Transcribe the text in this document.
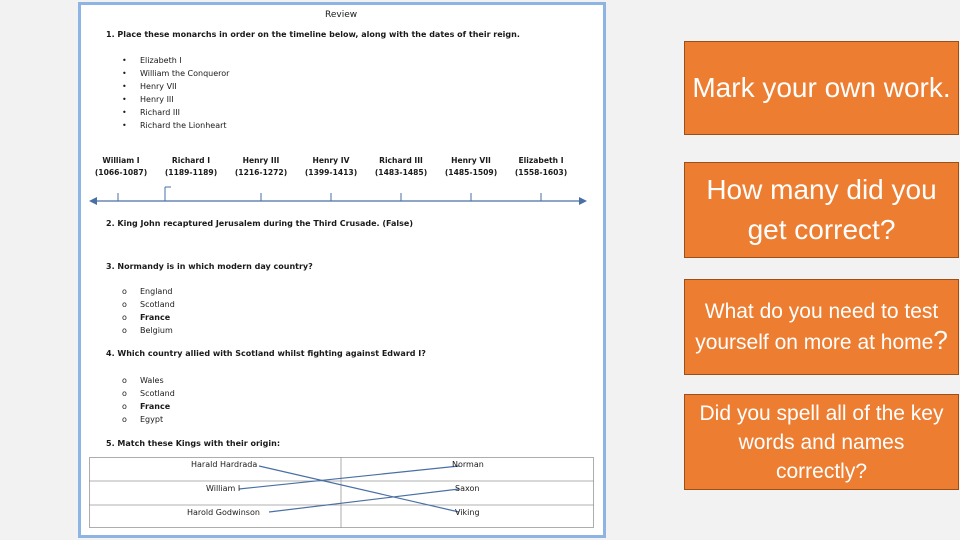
Review
1. Place these monarchs in order on the timeline below, along with the dates of their reign.
• Elizabeth I
• William the Conqueror
• Henry VII
• Henry III
• Richard III
• Richard the Lionheart
William I
(1066-1087)
Richard I
(1189-1189)
Henry III
(1216-1272)
Henry IV
(1399-1413)
Richard III
(1483-1485)
Henry VII
(1485-1509)
Elizabeth I
(1558-1603)
2. King John recaptured Jerusalem during the Third Crusade. (False)
3. Normandy is in which modern day country?
o England
o Scotland
o France
o Belgium
4. Which country allied with Scotland whilst fighting against Edward I?
o Wales
o Scotland
o France
o Egypt
5. Match these Kings with their origin:
Harald Hardrada
William I
Harold Godwinson
Norman
Saxon
Viking
Mark your own work.
How many did you get correct?
What do you need to test yourself on more at home?
Did you spell all of the key words and names correctly?
